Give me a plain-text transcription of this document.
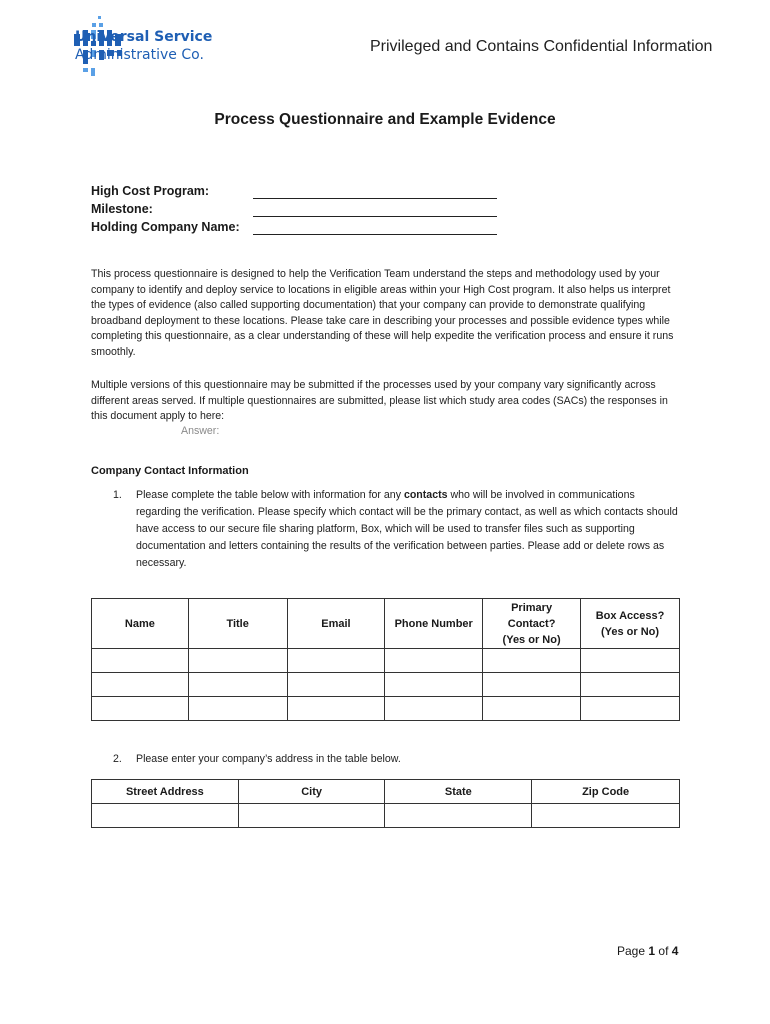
Universal Service
Administrative Co.	Privileged and Contains Confidential Information
Process Questionnaire and Example Evidence
High Cost Program:
Milestone:
Holding Company Name:
This process questionnaire is designed to help the Verification Team understand the steps and methodology used by your company to identify and deploy service to locations in eligible areas within your High Cost program. It also helps us interpret the types of evidence (also called supporting documentation) that your company can provide to demonstrate qualifying broadband deployment to these locations. Please take care in describing your processes and possible evidence types while completing this questionnaire, as a clear understanding of these will help expedite the verification process and ensure it runs smoothly.
Multiple versions of this questionnaire may be submitted if the processes used by your company vary significantly across different areas served. If multiple questionnaires are submitted, please list which study area codes (SACs) the responses in this document apply to here:
Answer:
Company Contact Information
1. Please complete the table below with information for any contacts who will be involved in communications regarding the verification. Please specify which contact will be the primary contact, as well as which contacts should have access to our secure file sharing platform, Box, which will be used to transfer files such as supporting documentation and letters containing the results of the verification between parties. Please add or delete rows as necessary.
Name	Title	Email	Phone Number	Primary Contact? (Yes or No)	Box Access? (Yes or No)

2. Please enter your company’s address in the table below.
Street Address	City	State	Zip Code

Page 1 of 4
